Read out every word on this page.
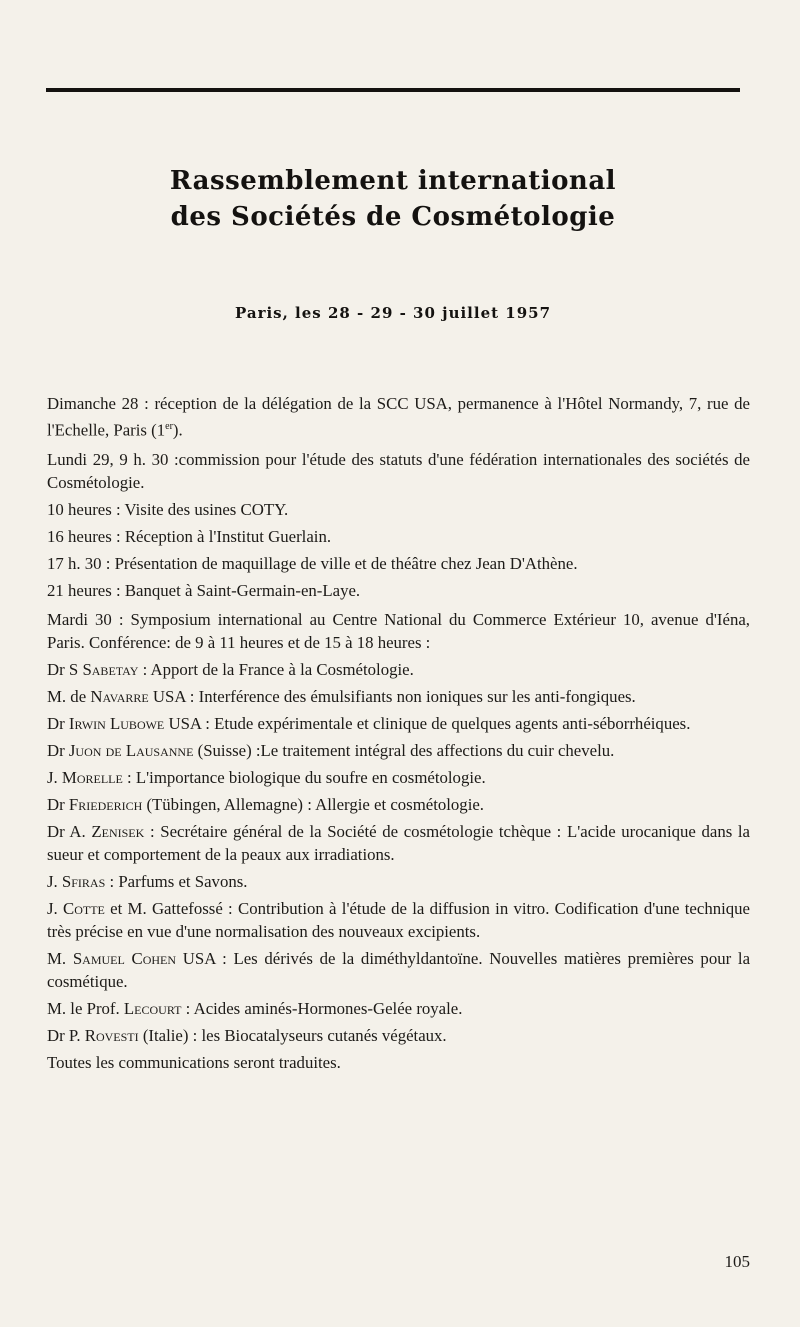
Rassemblement international
des Sociétés de Cosmétologie
Paris, les 28 - 29 - 30 juillet 1957

Dimanche 28 : réception de la délégation de la SCC USA, permanence à l'Hôtel Normandy, 7, rue de l'Echelle, Paris (1er).

Lundi 29, 9 h. 30 :commission pour l'étude des statuts d'une fédération internationales des sociétés de Cosmétologie.

10 heures : Visite des usines COTY.

16 heures : Réception à l'Institut Guerlain.

17 h. 30 : Présentation de maquillage de ville et de théâtre chez Jean D'Athène.

21 heures : Banquet à Saint-Germain-en-Laye.

Mardi 30 : Symposium international au Centre National du Commerce Extérieur 10, avenue d'Iéna, Paris. Conférence: de 9 à 11 heures et de 15 à 18 heures :

Dr S Sabetay : Apport de la France à la Cosmétologie.

M. de Navarre USA : Interférence des émulsifiants non ioniques sur les anti-fongiques.

Dr Irwin Lubowe USA : Etude expérimentale et clinique de quelques agents anti-séborrhéiques.

Dr Juon de Lausanne (Suisse) :Le traitement intégral des affections du cuir chevelu.

J. Morelle : L'importance biologique du soufre en cosmétologie.

Dr Friederich (Tübingen, Allemagne) : Allergie et cosmétologie.

Dr A. Zenisek : Secrétaire général de la Société de cosmétologie tchèque : L'acide urocanique dans la sueur et comportement de la peaux aux irradiations.

J. Sfiras : Parfums et Savons.

J. Cotte et M. Gattefossé : Contribution à l'étude de la diffusion in vitro. Codification d'une technique très précise en vue d'une normalisation des nouveaux excipients.

M. Samuel Cohen USA : Les dérivés de la diméthyldantoïne. Nouvelles matières premières pour la cosmétique.

M. le Prof. Lecourt : Acides aminés-Hormones-Gelée royale.

Dr P. Rovesti (Italie) : les Biocatalyseurs cutanés végétaux.

Toutes les communications seront traduites.

105
